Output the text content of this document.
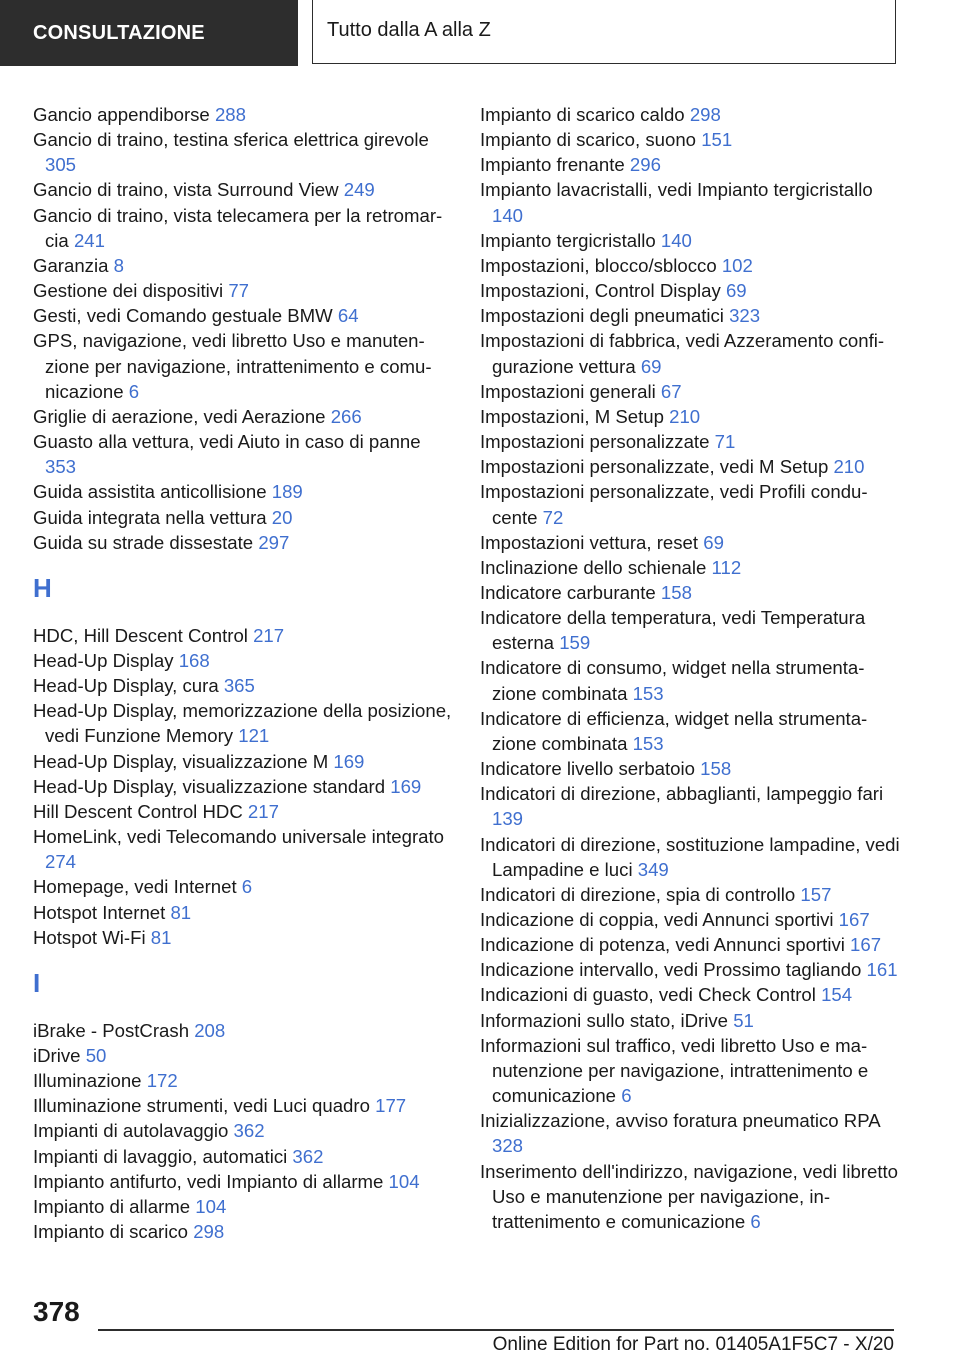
CONSULTAZIONE	Tutto dalla A alla Z
Gancio appendiborse 288
Gancio di traino, testina sferica elettrica girevole 305
Gancio di traino, vista Surround View 249
Gancio di traino, vista telecamera per la retromarcia 241
Garanzia 8
Gestione dei dispositivi 77
Gesti, vedi Comando gestuale BMW 64
GPS, navigazione, vedi libretto Uso e manutenzione per navigazione, intrattenimento e comunicazione 6
Griglie di aerazione, vedi Aerazione 266
Guasto alla vettura, vedi Aiuto in caso di panne 353
Guida assistita anticollisione 189
Guida integrata nella vettura 20
Guida su strade dissestate 297
H
HDC, Hill Descent Control 217
Head-Up Display 168
Head-Up Display, cura 365
Head-Up Display, memorizzazione della posizione, vedi Funzione Memory 121
Head-Up Display, visualizzazione M 169
Head-Up Display, visualizzazione standard 169
Hill Descent Control HDC 217
HomeLink, vedi Telecomando universale integrato 274
Homepage, vedi Internet 6
Hotspot Internet 81
Hotspot Wi-Fi 81
I
iBrake - PostCrash 208
iDrive 50
Illuminazione 172
Illuminazione strumenti, vedi Luci quadro 177
Impianti di autolavaggio 362
Impianti di lavaggio, automatici 362
Impianto antifurto, vedi Impianto di allarme 104
Impianto di allarme 104
Impianto di scarico 298
Impianto di scarico caldo 298
Impianto di scarico, suono 151
Impianto frenante 296
Impianto lavacristalli, vedi Impianto tergicristallo 140
Impianto tergicristallo 140
Impostazioni, blocco/sblocco 102
Impostazioni, Control Display 69
Impostazioni degli pneumatici 323
Impostazioni di fabbrica, vedi Azzeramento configurazione vettura 69
Impostazioni generali 67
Impostazioni, M Setup 210
Impostazioni personalizzate 71
Impostazioni personalizzate, vedi M Setup 210
Impostazioni personalizzate, vedi Profili conducente 72
Impostazioni vettura, reset 69
Inclinazione dello schienale 112
Indicatore carburante 158
Indicatore della temperatura, vedi Temperatura esterna 159
Indicatore di consumo, widget nella strumentazione combinata 153
Indicatore di efficienza, widget nella strumentazione combinata 153
Indicatore livello serbatoio 158
Indicatori di direzione, abbaglianti, lampeggio fari 139
Indicatori di direzione, sostituzione lampadine, vedi Lampadine e luci 349
Indicatori di direzione, spia di controllo 157
Indicazione di coppia, vedi Annunci sportivi 167
Indicazione di potenza, vedi Annunci sportivi 167
Indicazione intervallo, vedi Prossimo tagliando 161
Indicazioni di guasto, vedi Check Control 154
Informazioni sullo stato, iDrive 51
Informazioni sul traffico, vedi libretto Uso e manutenzione per navigazione, intrattenimento e comunicazione 6
Inizializzazione, avviso foratura pneumatico RPA 328
Inserimento dell'indirizzo, navigazione, vedi libretto Uso e manutenzione per navigazione, intrattenimento e comunicazione 6
378
Online Edition for Part no. 01405A1F5C7 - X/20
